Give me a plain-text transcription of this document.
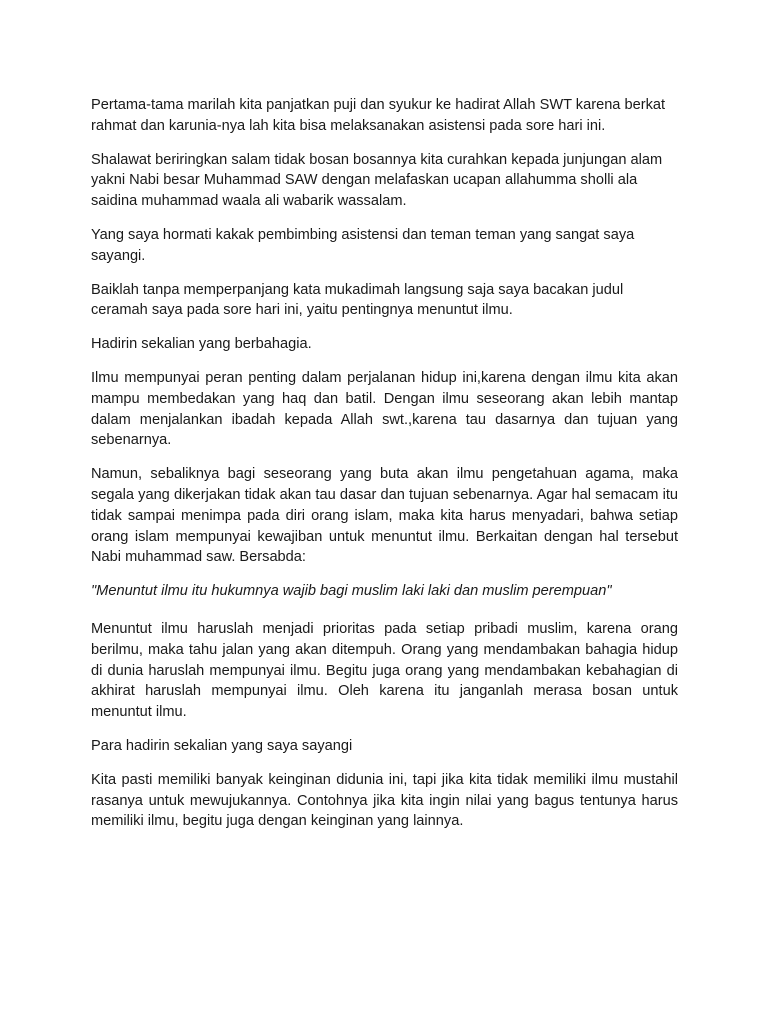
Pertama-tama marilah kita panjatkan puji dan syukur ke hadirat Allah SWT karena berkat rahmat dan karunia-nya lah kita bisa melaksanakan asistensi pada sore hari ini.

Shalawat beriringkan salam tidak bosan bosannya kita curahkan kepada junjungan alam yakni Nabi besar Muhammad SAW dengan melafaskan ucapan allahumma sholli ala saidina muhammad waala ali wabarik wassalam.

Yang saya hormati kakak pembimbing asistensi dan teman teman yang sangat saya sayangi.

Baiklah tanpa memperpanjang kata mukadimah langsung saja saya bacakan judul ceramah saya pada sore hari ini, yaitu pentingnya menuntut ilmu.

Hadirin sekalian yang berbahagia.

Ilmu mempunyai peran penting dalam perjalanan hidup ini,karena dengan ilmu kita akan mampu membedakan yang haq dan batil. Dengan ilmu seseorang akan lebih mantap dalam menjalankan ibadah kepada Allah swt.,karena tau dasarnya dan tujuan yang sebenarnya.

Namun, sebaliknya bagi seseorang yang buta akan ilmu pengetahuan agama, maka segala yang dikerjakan tidak akan tau dasar dan tujuan sebenarnya. Agar hal semacam itu tidak sampai menimpa pada diri orang islam, maka kita harus menyadari, bahwa setiap orang islam mempunyai kewajiban untuk menuntut ilmu. Berkaitan dengan hal tersebut Nabi muhammad saw. Bersabda:

"Menuntut ilmu itu hukumnya wajib bagi muslim laki laki dan muslim perempuan"

Menuntut ilmu haruslah menjadi prioritas pada setiap pribadi muslim, karena orang berilmu, maka tahu jalan yang akan ditempuh. Orang yang mendambakan bahagia hidup di dunia haruslah mempunyai ilmu. Begitu juga orang yang mendambakan kebahagian di akhirat haruslah mempunyai ilmu. Oleh karena itu janganlah merasa bosan untuk menuntut ilmu.

Para hadirin sekalian yang saya sayangi

Kita pasti memiliki banyak keinginan didunia ini, tapi jika kita tidak memiliki ilmu mustahil rasanya untuk mewujukannya. Contohnya jika kita ingin nilai yang bagus tentunya harus memiliki ilmu, begitu juga dengan keinginan yang lainnya.
